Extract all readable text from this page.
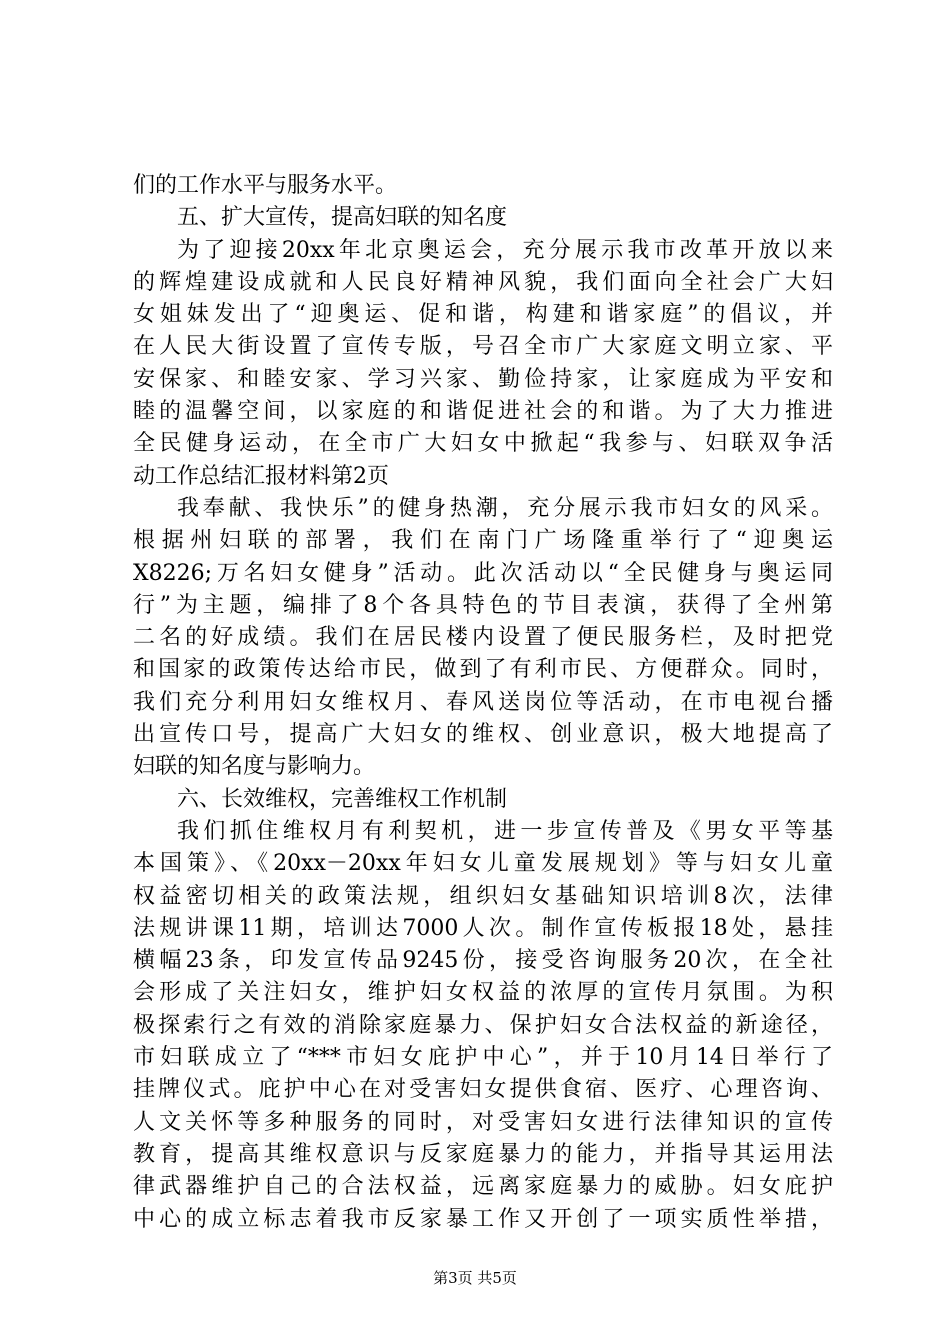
们的工作水平与服务水平。
五、扩大宣传，提高妇联的知名度
为了迎接20xx年北京奥运会，充分展示我市改革开放以来
的辉煌建设成就和人民良好精神风貌，我们面向全社会广大妇
女姐妹发出了“迎奥运、促和谐，构建和谐家庭”的倡议，并
在人民大街设置了宣传专版，号召全市广大家庭文明立家、平
安保家、和睦安家、学习兴家、勤俭持家，让家庭成为平安和
睦的温馨空间，以家庭的和谐促进社会的和谐。为了大力推进
全民健身运动，在全市广大妇女中掀起“我参与、妇联双争活
动工作总结汇报材料第2页
我奉献、我快乐”的健身热潮，充分展示我市妇女的风采。
根据州妇联的部署，我们在南门广场隆重举行了“迎奥运
X8226;万名妇女健身”活动。此次活动以“全民健身与奥运同
行”为主题，编排了8个各具特色的节目表演，获得了全州第
二名的好成绩。我们在居民楼内设置了便民服务栏，及时把党
和国家的政策传达给市民，做到了有利市民、方便群众。同时，
我们充分利用妇女维权月、春风送岗位等活动，在市电视台播
出宣传口号，提高广大妇女的维权、创业意识，极大地提高了
妇联的知名度与影响力。
六、长效维权，完善维权工作机制
我们抓住维权月有利契机，进一步宣传普及《男女平等基
本国策》、《20xx－20xx年妇女儿童发展规划》等与妇女儿童
权益密切相关的政策法规，组织妇女基础知识培训8次，法律
法规讲课11期，培训达7000人次。制作宣传板报18处，悬挂
横幅23条，印发宣传品9245份，接受咨询服务20次，在全社
会形成了关注妇女，维护妇女权益的浓厚的宣传月氛围。为积
极探索行之有效的消除家庭暴力、保护妇女合法权益的新途径，
市妇联成立了“***市妇女庇护中心”，并于10月14日举行了
挂牌仪式。庇护中心在对受害妇女提供食宿、医疗、心理咨询、
人文关怀等多种服务的同时，对受害妇女进行法律知识的宣传
教育，提高其维权意识与反家庭暴力的能力，并指导其运用法
律武器维护自己的合法权益，远离家庭暴力的威胁。妇女庇护
中心的成立标志着我市反家暴工作又开创了一项实质性举措，
第3页 共5页
